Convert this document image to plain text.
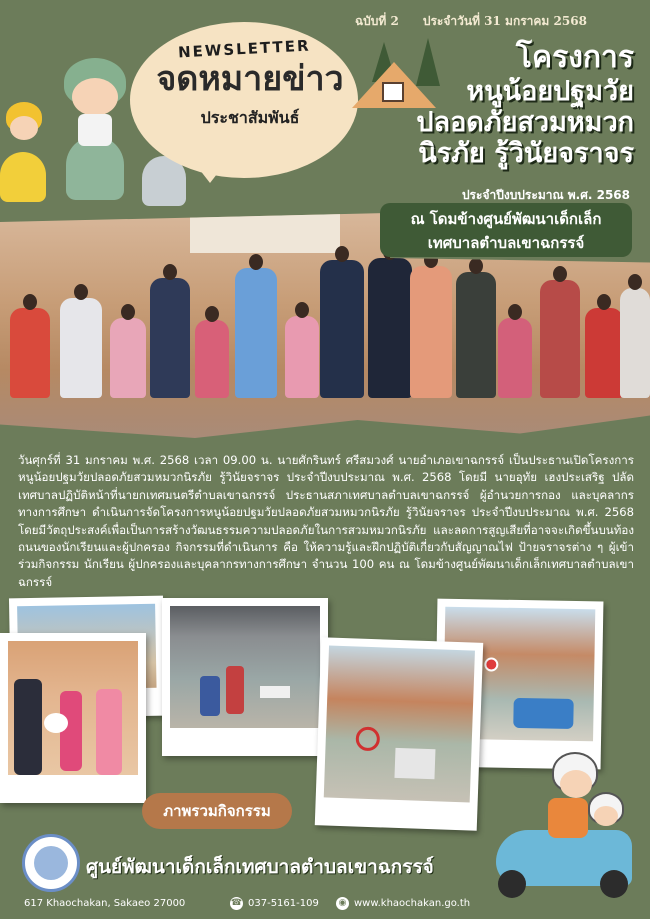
ฉบับที่ 2 ประจำวันที่ 31 มกราคม 2568
NEWSLETTER
จดหมายข่าว
ประชาสัมพันธ์
โครงการ
หนูน้อยปฐมวัย
ปลอดภัยสวมหมวก
นิรภัย รู้วินัยจราจร
ประจำปีงบประมาณ พ.ศ. 2568
ณ โดมข้างศูนย์พัฒนาเด็กเล็ก
เทศบาลตำบลเขาฉกรรจ์
วันศุกร์ที่ 31 มกราคม พ.ศ. 2568 เวลา 09.00 น. นายศักรินทร์ ศรีสมวงศ์ นายอำเภอเขาฉกรรจ์ เป็นประธานเปิดโครงการหนูน้อยปฐมวัยปลอดภัยสวมหมวกนิรภัย รู้วินัยจราจร ประจำปีงบประมาณ พ.ศ. 2568 โดยมี นายอุทัย เฮงประเสริฐ ปลัดเทศบาลปฏิบัติหน้าที่นายกเทศมนตรีตำบลเขาฉกรรจ์ ประธานสภาเทศบาลตำบลเขาฉกรรจ์ ผู้อำนวยการกอง และบุคลากรทางการศึกษา ดำเนินการจัดโครงการหนูน้อยปฐมวัยปลอดภัยสวมหมวกนิรภัย รู้วินัยจราจร ประจำปีงบประมาณ พ.ศ. 2568 โดยมีวัตถุประสงค์เพื่อเป็นการสร้างวัฒนธรรมความปลอดภัยในการสวมหมวกนิรภัย และลดการสูญเสียที่อาจจะเกิดขึ้นบนท้องถนนของนักเรียนและผู้ปกครอง กิจกรรมที่ดำเนินการ คือ ให้ความรู้และฝึกปฏิบัติเกี่ยวกับสัญญาณไฟ ป้ายจราจรต่าง ๆ ผู้เข้าร่วมกิจกรรม นักเรียน ผู้ปกครองและบุคลากรทางการศึกษา จำนวน 100 คน ณ โดมข้างศูนย์พัฒนาเด็กเล็กเทศบาลตำบลเขาฉกรรจ์
ภาพรวมกิจกรรม
ศูนย์พัฒนาเด็กเล็กเทศบาลตำบลเขาฉกรรจ์
617 Khaochakan, Sakaeo 27000	☎ 037-5161-109 ◉ www.khaochakan.go.th
